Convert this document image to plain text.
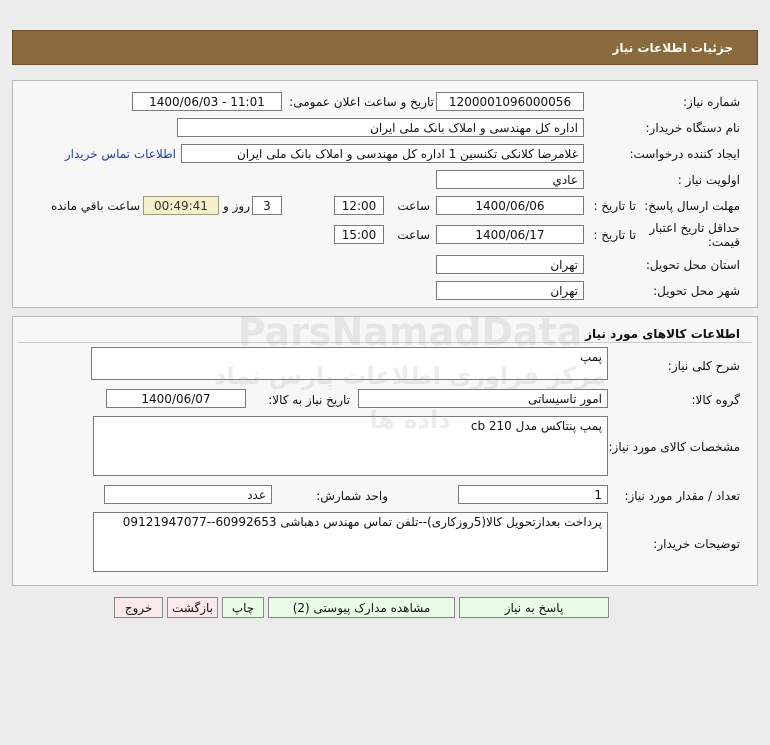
جزئیات اطلاعات نیاز
شماره نیاز:
1200001096000056
تاریخ و ساعت اعلان عمومی:
1400/06/03 - 11:01
نام دستگاه خریدار:
اداره کل مهندسی و املاک بانک ملی ایران
ایجاد کننده درخواست:
غلامرضا کلانکی تکنسین 1 اداره کل مهندسی و املاک بانک ملی ایران
اطلاعات تماس خریدار
اولویت نیاز :
عادي
مهلت ارسال پاسخ:
تا تاریخ :
1400/06/06
ساعت
12:00
3
روز و
00:49:41
ساعت باقي مانده
حداقل تاریخ اعتبار
قیمت:
تا تاریخ :
1400/06/17
ساعت
15:00
استان محل تحویل:
تهران
شهر محل تحویل:
تهران
اطلاعات کالاهای مورد نیاز
شرح کلی نیاز:
پمپ
گروه کالا:
امور تاسیساتی
تاریخ نیاز به کالا:
1400/06/07
مشخصات کالای مورد نیاز:
پمپ پنتاکس مدل cb 210
تعداد / مقدار مورد نیاز:
1
واحد شمارش:
عدد
توضیحات خریدار:
پرداخت بعدازتحویل کالا(5روزکاری)--تلفن تماس مهندس دهباشی 60992653--09121947077
پاسخ به نیاز
مشاهده مدارک پیوستی (2)
چاپ
بازگشت
خروج
